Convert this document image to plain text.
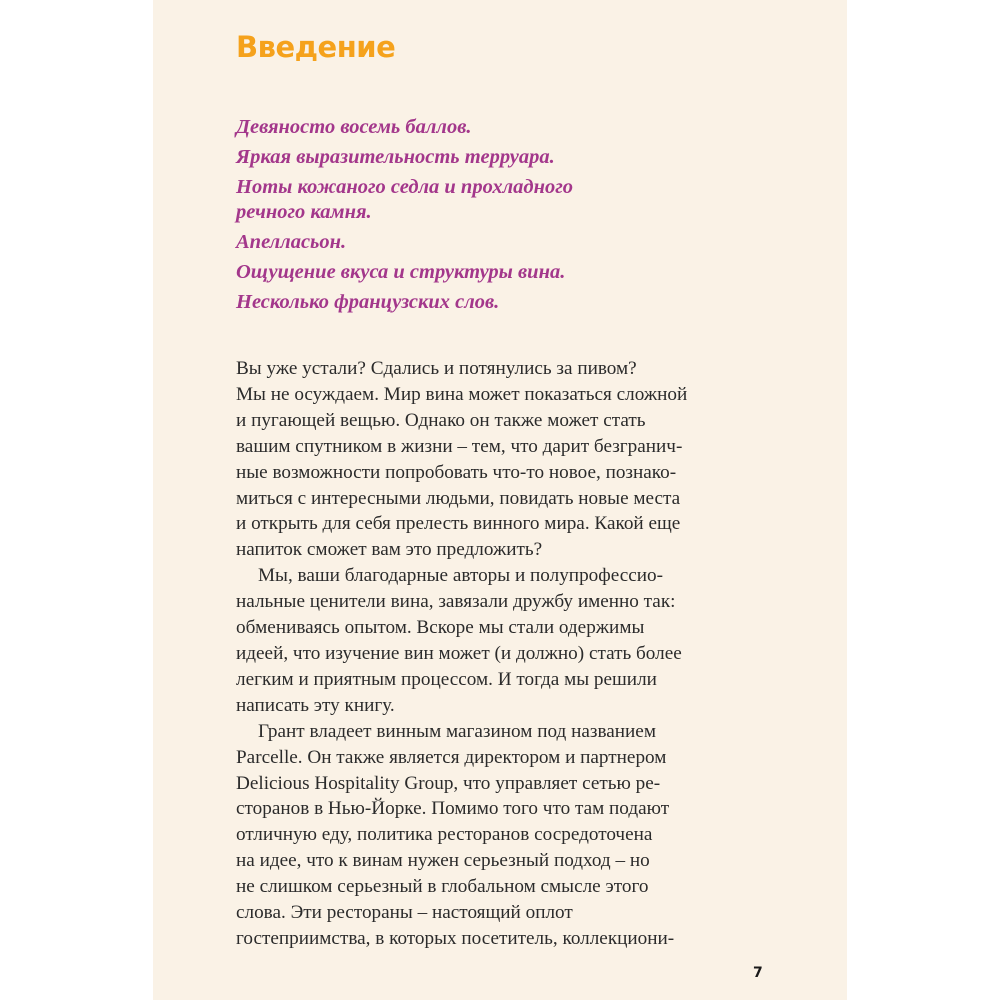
Введение
Девяносто восемь баллов.
Яркая выразительность терруара.
Ноты кожаного седла и прохладного
речного камня.
Апелласьон.
Ощущение вкуса и структуры вина.
Несколько французских слов.
Вы уже устали? Сдались и потянулись за пивом?
Мы не осуждаем. Мир вина может показаться сложной
и пугающей вещью. Однако он также может стать
вашим спутником в жизни – тем, что дарит безгранич-
ные возможности попробовать что-то новое, познако-
миться с интересными людьми, повидать новые места
и открыть для себя прелесть винного мира. Какой еще
напиток сможет вам это предложить?
Мы, ваши благодарные авторы и полупрофессио-
нальные ценители вина, завязали дружбу именно так:
обмениваясь опытом. Вскоре мы стали одержимы
идеей, что изучение вин может (и должно) стать более
легким и приятным процессом. И тогда мы решили
написать эту книгу.
Грант владеет винным магазином под названием
Parcelle. Он также является директором и партнером
Delicious Hospitality Group, что управляет сетью ре-
сторанов в Нью-Йорке. Помимо того что там подают
отличную еду, политика ресторанов сосредоточена
на идее, что к винам нужен серьезный подход – но
не слишком серьезный в глобальном смысле этого
слова. Эти рестораны – настоящий оплот
гостеприимства, в которых посетитель, коллекциони-
7
